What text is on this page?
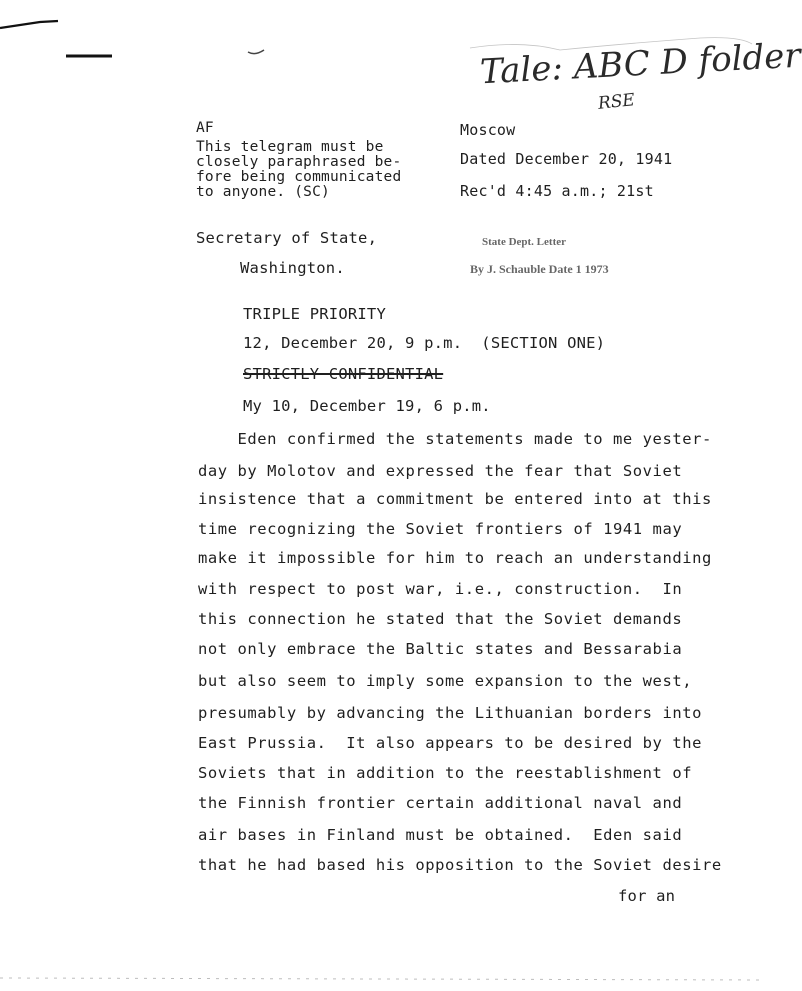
Tale: ABC D folder
RSE
AF
This telegram must be
closely paraphrased be-
fore being communicated
to anyone. (SC)
Moscow
Dated December 20, 1941
Rec'd 4:45 a.m.; 21st
Secretary of State,
Washington.
State Dept. Letter
By J. Schauble Date 1 1973
TRIPLE PRIORITY
12, December 20, 9 p.m.  (SECTION ONE)
STRICTLY CONFIDENTIAL
My 10, December 19, 6 p.m.
Eden confirmed the statements made to me yester-
day by Molotov and expressed the fear that Soviet
insistence that a commitment be entered into at this
time recognizing the Soviet frontiers of 1941 may
make it impossible for him to reach an understanding
with respect to post war, i.e., construction.  In
this connection he stated that the Soviet demands
not only embrace the Baltic states and Bessarabia
but also seem to imply some expansion to the west,
presumably by advancing the Lithuanian borders into
East Prussia.  It also appears to be desired by the
Soviets that in addition to the reestablishment of
the Finnish frontier certain additional naval and
air bases in Finland must be obtained.  Eden said
that he had based his opposition to the Soviet desire
for an
